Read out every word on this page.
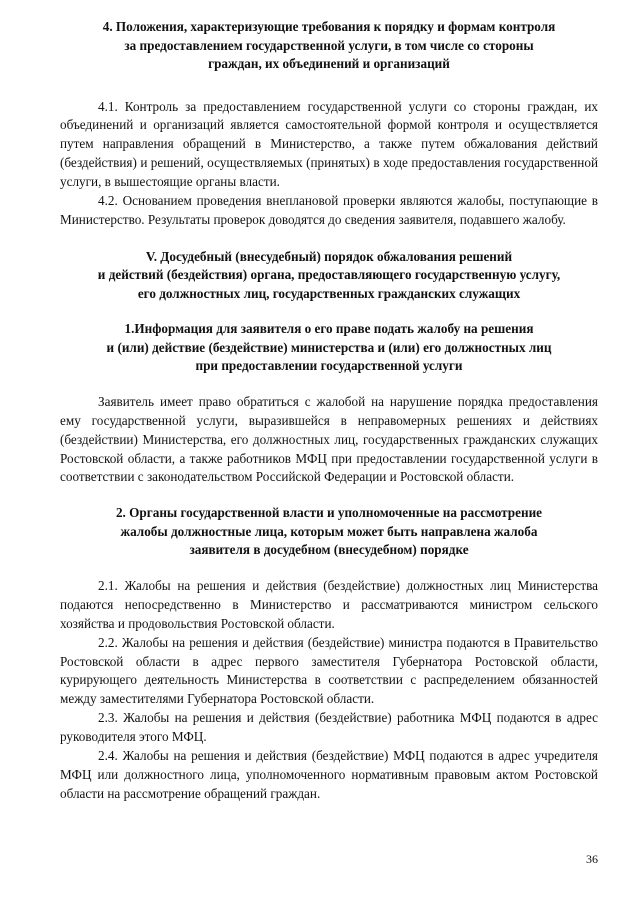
4. Положения, характеризующие требования к порядку и формам контроля
за предоставлением государственной услуги, в том числе со стороны
граждан, их объединений и организаций

4.1. Контроль за предоставлением государственной услуги со стороны граждан, их объединений и организаций является самостоятельной формой контроля и осуществляется путем направления обращений в Министерство, а также путем обжалования действий (бездействия) и решений, осуществляемых (принятых) в ходе предоставления государственной услуги, в вышестоящие органы власти.

4.2. Основанием проведения внеплановой проверки являются жалобы, поступающие в Министерство. Результаты проверок доводятся до сведения заявителя, подавшего жалобу.

V. Досудебный (внесудебный) порядок обжалования решений
и действий (бездействия) органа, предоставляющего государственную услугу,
его должностных лиц, государственных гражданских служащих
1.Информация для заявителя о его праве подать жалобу на решения
и (или) действие (бездействие) министерства и (или) его должностных лиц
при предоставлении государственной услуги

Заявитель имеет право обратиться с жалобой на нарушение порядка предоставления ему государственной услуги, выразившейся в неправомерных решениях и действиях (бездействии) Министерства, его должностных лиц, государственных гражданских служащих Ростовской области, а также работников МФЦ при предоставлении государственной услуги в соответствии с законодательством Российской Федерации и Ростовской области.

2. Органы государственной власти и уполномоченные на рассмотрение
жалобы должностные лица, которым может быть направлена жалоба
заявителя в досудебном (внесудебном) порядке

2.1. Жалобы на решения и действия (бездействие) должностных лиц Министерства подаются непосредственно в Министерство и рассматриваются министром сельского хозяйства и продовольствия Ростовской области.

2.2. Жалобы на решения и действия (бездействие) министра подаются в Правительство Ростовской области в адрес первого заместителя Губернатора Ростовской области, курирующего деятельность Министерства в соответствии с распределением обязанностей между заместителями Губернатора Ростовской области.

2.3. Жалобы на решения и действия (бездействие) работника МФЦ подаются в адрес руководителя этого МФЦ.

2.4. Жалобы на решения и действия (бездействие) МФЦ подаются в адрес учредителя МФЦ или должностного лица, уполномоченного нормативным правовым актом Ростовской области на рассмотрение обращений граждан.

36
